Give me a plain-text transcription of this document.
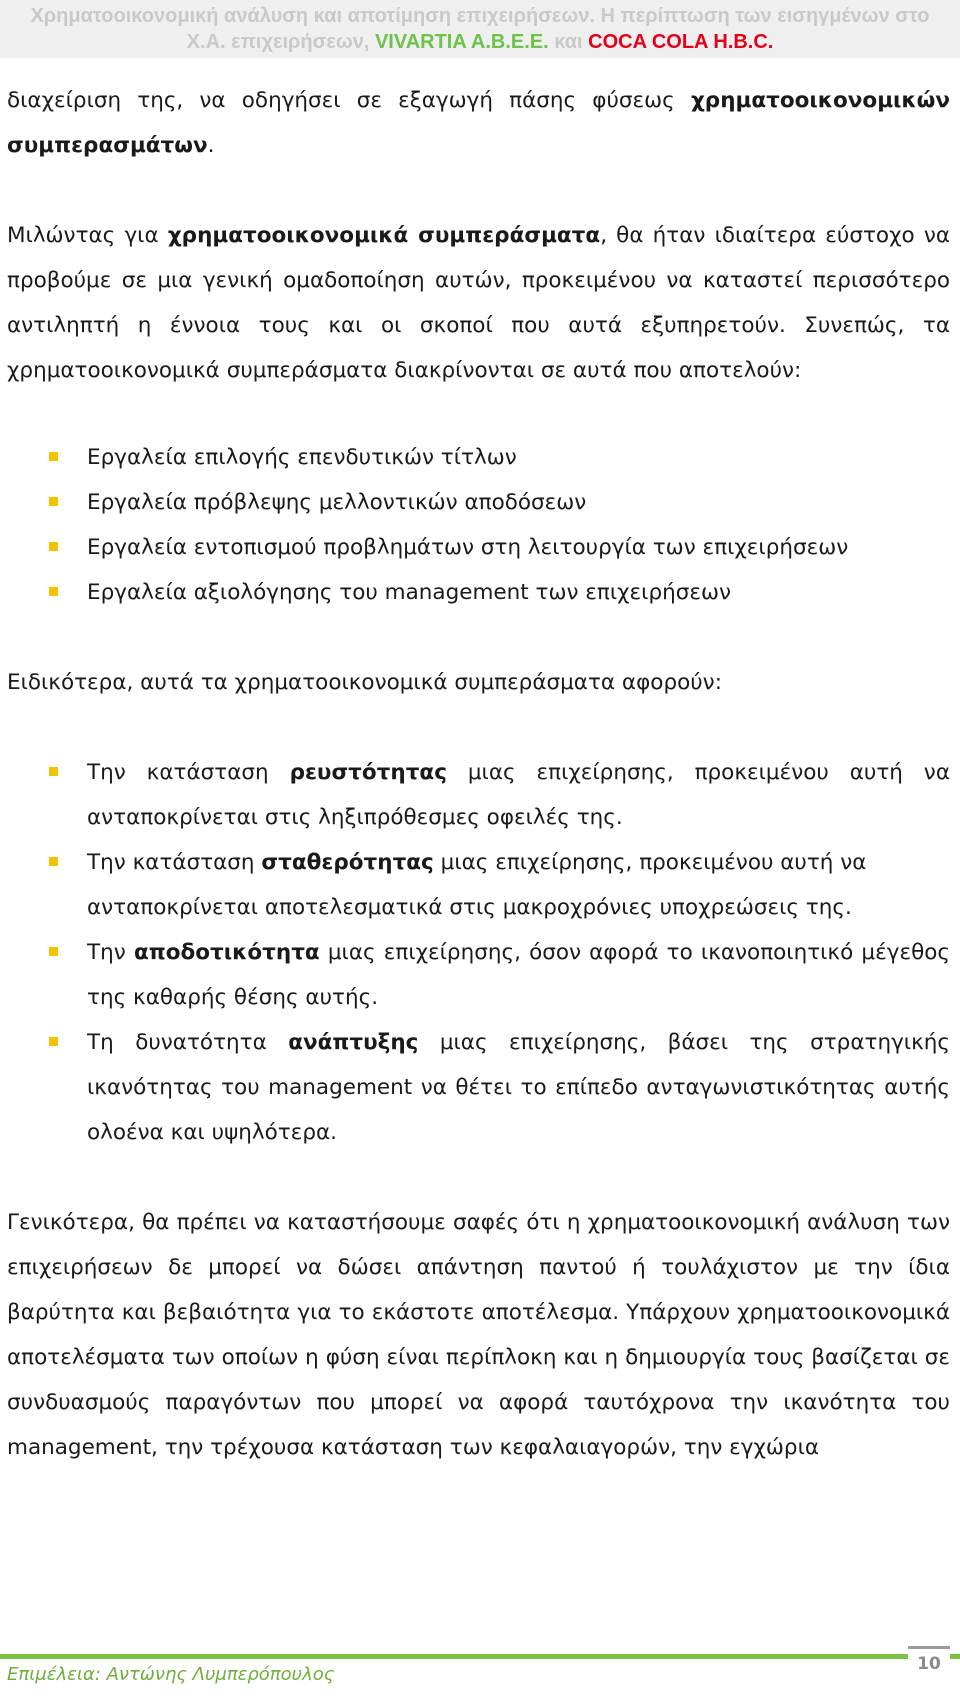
Χρηματοοικονομική ανάλυση και αποτίμηση επιχειρήσεων. Η περίπτωση των εισηγμένων στο
Χ.Α. επιχειρήσεων, VIVARTIA A.B.E.E. και COCA COLA H.B.C.

διαχείριση της, να οδηγήσει σε εξαγωγή πάσης φύσεως χρηματοοικονομικών συμπερασμάτων.

Μιλώντας για χρηματοοικονομικά συμπεράσματα, θα ήταν ιδιαίτερα εύστοχο να προβούμε σε μια γενική ομαδοποίηση αυτών, προκειμένου να καταστεί περισσότερο αντιληπτή η έννοια τους και οι σκοποί που αυτά εξυπηρετούν. Συνεπώς, τα χρηματοοικονομικά συμπεράσματα διακρίνονται σε αυτά που αποτελούν:

Εργαλεία επιλογής επενδυτικών τίτλων
Εργαλεία πρόβλεψης μελλοντικών αποδόσεων
Εργαλεία εντοπισμού προβλημάτων στη λειτουργία των επιχειρήσεων
Εργαλεία αξιολόγησης του management των επιχειρήσεων

Ειδικότερα, αυτά τα χρηματοοικονομικά συμπεράσματα αφορούν:

Την κατάσταση ρευστότητας μιας επιχείρησης, προκειμένου αυτή να ανταποκρίνεται στις ληξιπρόθεσμες οφειλές της.
Την κατάσταση σταθερότητας μιας επιχείρησης, προκειμένου αυτή να
ανταποκρίνεται αποτελεσματικά στις μακροχρόνιες υποχρεώσεις της.
Την αποδοτικότητα μιας επιχείρησης, όσον αφορά το ικανοποιητικό μέγεθος της καθαρής θέσης αυτής.
Τη δυνατότητα ανάπτυξης μιας επιχείρησης, βάσει της στρατηγικής ικανότητας του management να θέτει το επίπεδο ανταγωνιστικότητας αυτής ολοένα και υψηλότερα.

Γενικότερα, θα πρέπει να καταστήσουμε σαφές ότι η χρηματοοικονομική ανάλυση των επιχειρήσεων δε μπορεί να δώσει απάντηση παντού ή τουλάχιστον με την ίδια βαρύτητα και βεβαιότητα για το εκάστοτε αποτέλεσμα. Υπάρχουν χρηματοοικονομικά αποτελέσματα των οποίων η φύση είναι περίπλοκη και η δημιουργία τους βασίζεται σε συνδυασμούς παραγόντων που μπορεί να αφορά ταυτόχρονα την ικανότητα του management, την τρέχουσα κατάσταση των κεφαλαιαγορών, την εγχώρια

Επιμέλεια: Αντώνης Λυμπερόπουλος	10
